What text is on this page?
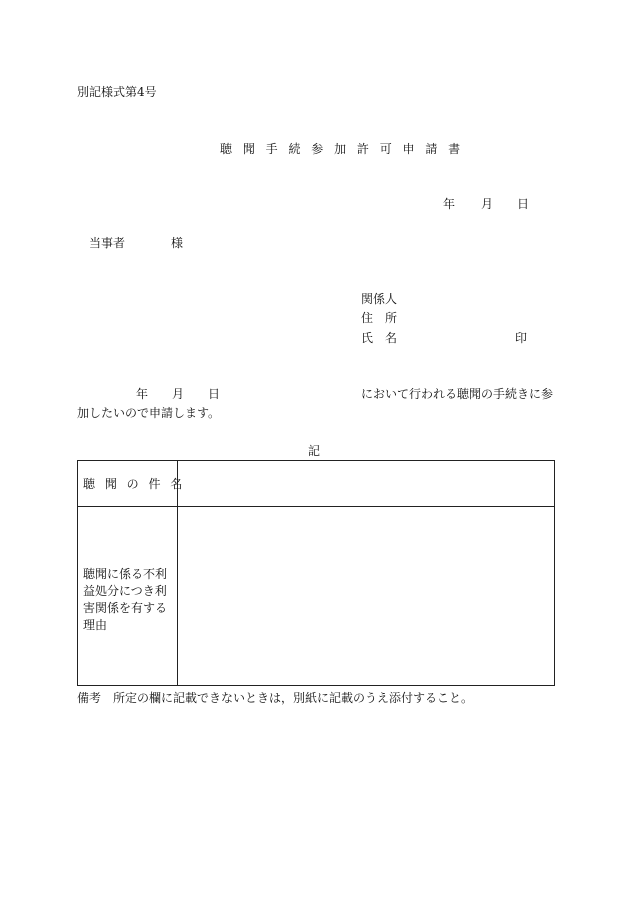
別記様式第4号
聴 聞 手 続 参 加 許 可 申 請 書
年 月 日
当事者	様
関係人
住　所
氏　名	印
年 月 日	において行われる聴聞の手続きに参
加したいので申請します。
記
聴 聞 の 件 名
聴聞に係る不利益処分につき利害関係を有する理由
備考　所定の欄に記載できないときは，別紙に記載のうえ添付すること。
